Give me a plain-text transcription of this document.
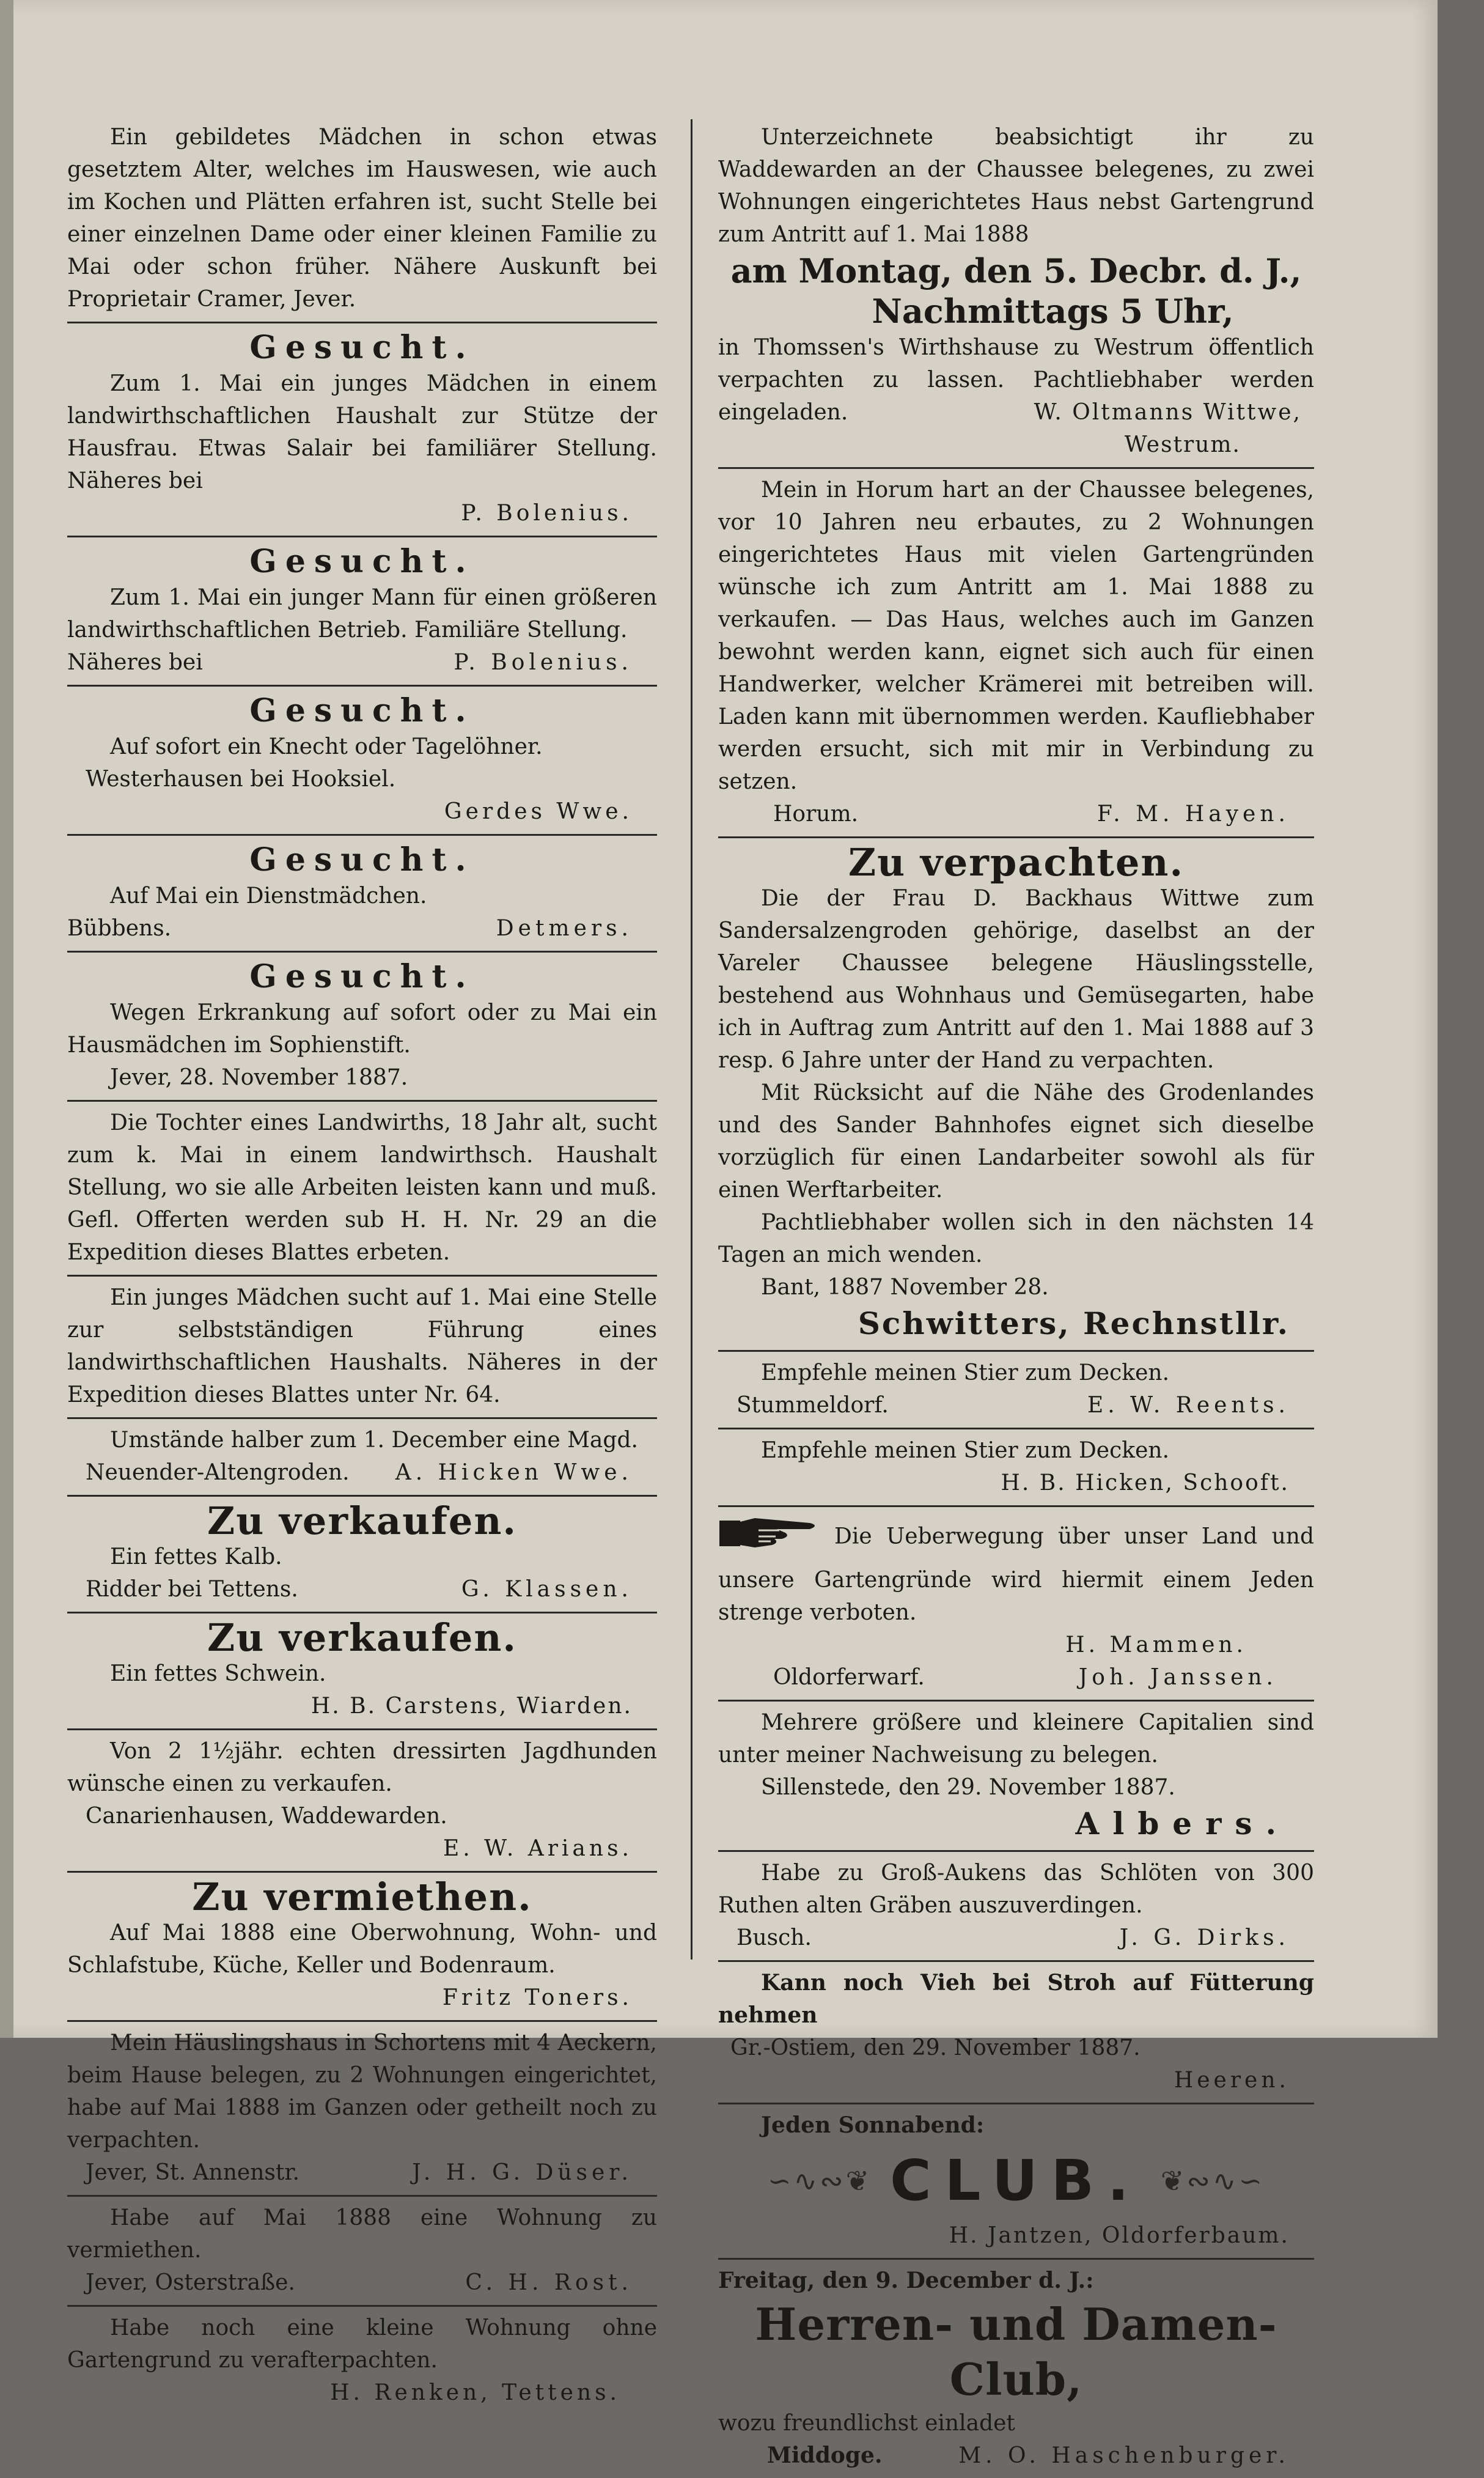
Ein gebildetes Mädchen in schon etwas gesetztem Alter, welches im Hauswesen, wie auch im Kochen und Plätten erfahren ist, sucht Stelle bei einer einzelnen Dame oder einer kleinen Familie zu Mai oder schon früher. Nähere Auskunft bei Proprietair Cramer, Jever.

Gesucht.

Zum 1. Mai ein junges Mädchen in einem landwirthschaftlichen Haushalt zur Stütze der Hausfrau. Etwas Salair bei familiärer Stellung. Näheres bei

P. Bolenius.
Gesucht.

Zum 1. Mai ein junger Mann für einen größeren landwirthschaftlichen Betrieb. Familiäre Stellung.

Näheres bei	P. Bolenius.
Gesucht.

Auf sofort ein Knecht oder Tagelöhner.

Westerhausen bei Hooksiel.

Gerdes Wwe.
Gesucht.

Auf Mai ein Dienstmädchen.

Bübbens.	Detmers.
Gesucht.

Wegen Erkrankung auf sofort oder zu Mai ein Hausmädchen im Sophienstift.

Jever, 28. November 1887.

Die Tochter eines Landwirths, 18 Jahr alt, sucht zum k. Mai in einem landwirthsch. Haushalt Stellung, wo sie alle Arbeiten leisten kann und muß. Gefl. Offerten werden sub H. H. Nr. 29 an die Expedition dieses Blattes erbeten.

Ein junges Mädchen sucht auf 1. Mai eine Stelle zur selbstständigen Führung eines landwirthschaftlichen Haushalts. Näheres in der Expedition dieses Blattes unter Nr. 64.

Umstände halber zum 1. December eine Magd.

Neuender-Altengroden. A. Hicken Wwe.
Zu verkaufen.

Ein fettes Kalb.

Ridder bei Tettens.	G. Klassen.
Zu verkaufen.

Ein fettes Schwein.

H. B. Carstens, Wiarden.

Von 2 1½jähr. echten dressirten Jagdhunden wünsche einen zu verkaufen.

Canarienhausen, Waddewarden.

E. W. Arians.
Zu vermiethen.

Auf Mai 1888 eine Oberwohnung, Wohn- und Schlafstube, Küche, Keller und Bodenraum.

Fritz Toners.

Mein Häuslingshaus in Schortens mit 4 Aeckern, beim Hause belegen, zu 2 Wohnungen eingerichtet, habe auf Mai 1888 im Ganzen oder getheilt noch zu verpachten.

Jever, St. Annenstr.	J. H. G. Düser.

Habe auf Mai 1888 eine Wohnung zu vermiethen.

Jever, Osterstraße.	C. H. Rost.

Habe noch eine kleine Wohnung ohne Gartengrund zu verafterpachten.

H. Renken, Tettens.

Unterzeichnete beabsichtigt ihr zu Waddewarden an der Chaussee belegenes, zu zwei Wohnungen eingerichtetes Haus nebst Gartengrund zum Antritt auf 1. Mai 1888

am Montag, den 5. Decbr. d. J.,
Nachmittags 5 Uhr,

in Thomssen's Wirthshause zu Westrum öffentlich verpachten zu lassen. Pachtliebhaber werden eingeladen.	W. Oltmanns Wittwe,
Westrum.

Mein in Horum hart an der Chaussee belegenes, vor 10 Jahren neu erbautes, zu 2 Wohnungen eingerichtetes Haus mit vielen Gartengründen wünsche ich zum Antritt am 1. Mai 1888 zu verkaufen. — Das Haus, welches auch im Ganzen bewohnt werden kann, eignet sich auch für einen Handwerker, welcher Krämerei mit betreiben will. Laden kann mit übernommen werden. Kaufliebhaber werden ersucht, sich mit mir in Verbindung zu setzen.

Horum.	F. M. Hayen.
Zu verpachten.

Die der Frau D. Backhaus Wittwe zum Sandersalzengroden gehörige, daselbst an der Vareler Chaussee belegene Häuslingsstelle, bestehend aus Wohnhaus und Gemüsegarten, habe ich in Auftrag zum Antritt auf den 1. Mai 1888 auf 3 resp. 6 Jahre unter der Hand zu verpachten.

Mit Rücksicht auf die Nähe des Grodenlandes und des Sander Bahnhofes eignet sich dieselbe vorzüglich für einen Landarbeiter sowohl als für einen Werftarbeiter.

Pachtliebhaber wollen sich in den nächsten 14 Tagen an mich wenden.

Bant, 1887 November 28.

Schwitters, Rechnstllr.

Empfehle meinen Stier zum Decken.

Stummeldorf.	E. W. Reents.

Empfehle meinen Stier zum Decken.

H. B. Hicken, Schooft.

Die Ueberwegung über unser Land und unsere Gartengründe wird hiermit einem Jeden strenge verboten.

H. Mammen.
Oldorferwarf.	Joh. Janssen.

Mehrere größere und kleinere Capitalien sind unter meiner Nachweisung zu belegen.

Sillenstede, den 29. November 1887.

Albers.

Habe zu Groß-Aukens das Schlöten von 300 Ruthen alten Gräben auszuverdingen.

Busch.	J. G. Dirks.

Kann noch Vieh bei Stroh auf Fütterung nehmen

Gr.-Ostiem, den 29. November 1887.

Heeren.

Jeden Sonnabend:

∽∿∾❦ CLUB. ❦∾∿∽
H. Jantzen, Oldorferbaum.

Freitag, den 9. December d. J.:

Herren- und Damen-Club,

wozu freundlichst einladet

Middoge.	M. O. Haschenburger.
